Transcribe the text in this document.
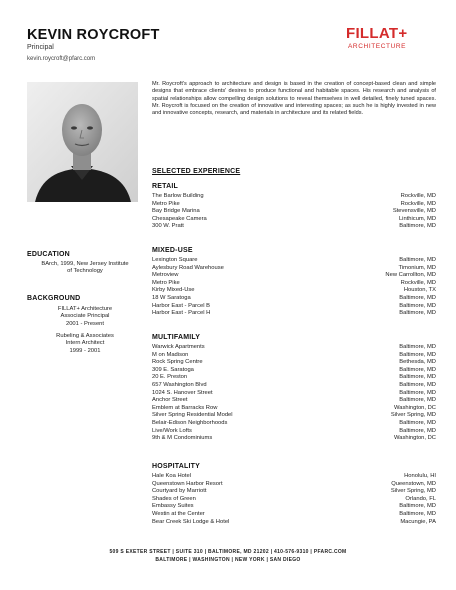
KEVIN ROYCROFT
Principal
kevin.roycroft@pfarc.com
FILLAT+
ARCHITECTURE
Mr. Roycroft's approach to architecture and design is based in the creation of concept-based clean and simple designs that embrace clients' desires to produce functional and habitable spaces. His research and analysis of spatial relationships allow compelling design solutions to reveal themselves in well detailed, finely tuned spaces. Mr. Roycroft is focused on the creation of innovative and interesting spaces; as such he is highly invested in new and innovative concepts, research, and materials in architecture and its related fields.
SELECTED EXPERIENCE
RETAIL
The Barlow Building	Rockville, MD
Metro Pike	Rockville, MD
Bay Bridge Marina	Stevensville, MD
Chesapeake Camera	Linthicum, MD
300 W. Pratt	Baltimore, MD
MIXED-USE
Lexington Square	Baltimore, MD
Aylesbury Road Warehouse	Timonium, MD
Metroview	New Carrollton, MD
Metro Pike	Rockville, MD
Kirby Mixed-Use	Houston, TX
18 W Saratoga	Baltimore, MD
Harbor East - Parcel B	Baltimore, MD
Harbor East - Parcel H	Baltimore, MD
MULTIFAMILY
Warwick Apartments	Baltimore, MD
M on Madison	Baltimore, MD
Rock Spring Centre	Bethesda, MD
309 E. Saratoga	Baltimore, MD
20 E. Preston	Baltimore, MD
657 Washington Blvd	Baltimore, MD
1024 S. Hanover Street	Baltimore, MD
Anchor Street	Baltimore, MD
Emblem at Barracks Row	Washington, DC
Silver Spring Residential Model	Silver Spring, MD
Belair-Edison Neighborhoods	Baltimore, MD
Live/Work Lofts	Baltimore, MD
9th & M Condominiums	Washington, DC
HOSPITALITY
Hale Koa Hotel	Honolulu, HI
Queenstown Harbor Resort	Queenstown, MD
Courtyard by Marriott	Silver Spring, MD
Shades of Green	Orlando, FL
Embassy Suites	Baltimore, MD
Westin at the Center	Baltimore, MD
Bear Creek Ski Lodge & Hotel	Macungie, PA
EDUCATION
BArch, 1999, New Jersey Institute of Technology
BACKGROUND
FILLAT+ Architecture
Associate Principal
2001 - Present
Rubeling & Associates
Intern Architect
1999 - 2001
509 S EXETER STREET | SUITE 310 | BALTIMORE, MD 21202 | 410-576-9310 | PFARC.COM
BALTIMORE | WASHINGTON | NEW YORK | SAN DIEGO
